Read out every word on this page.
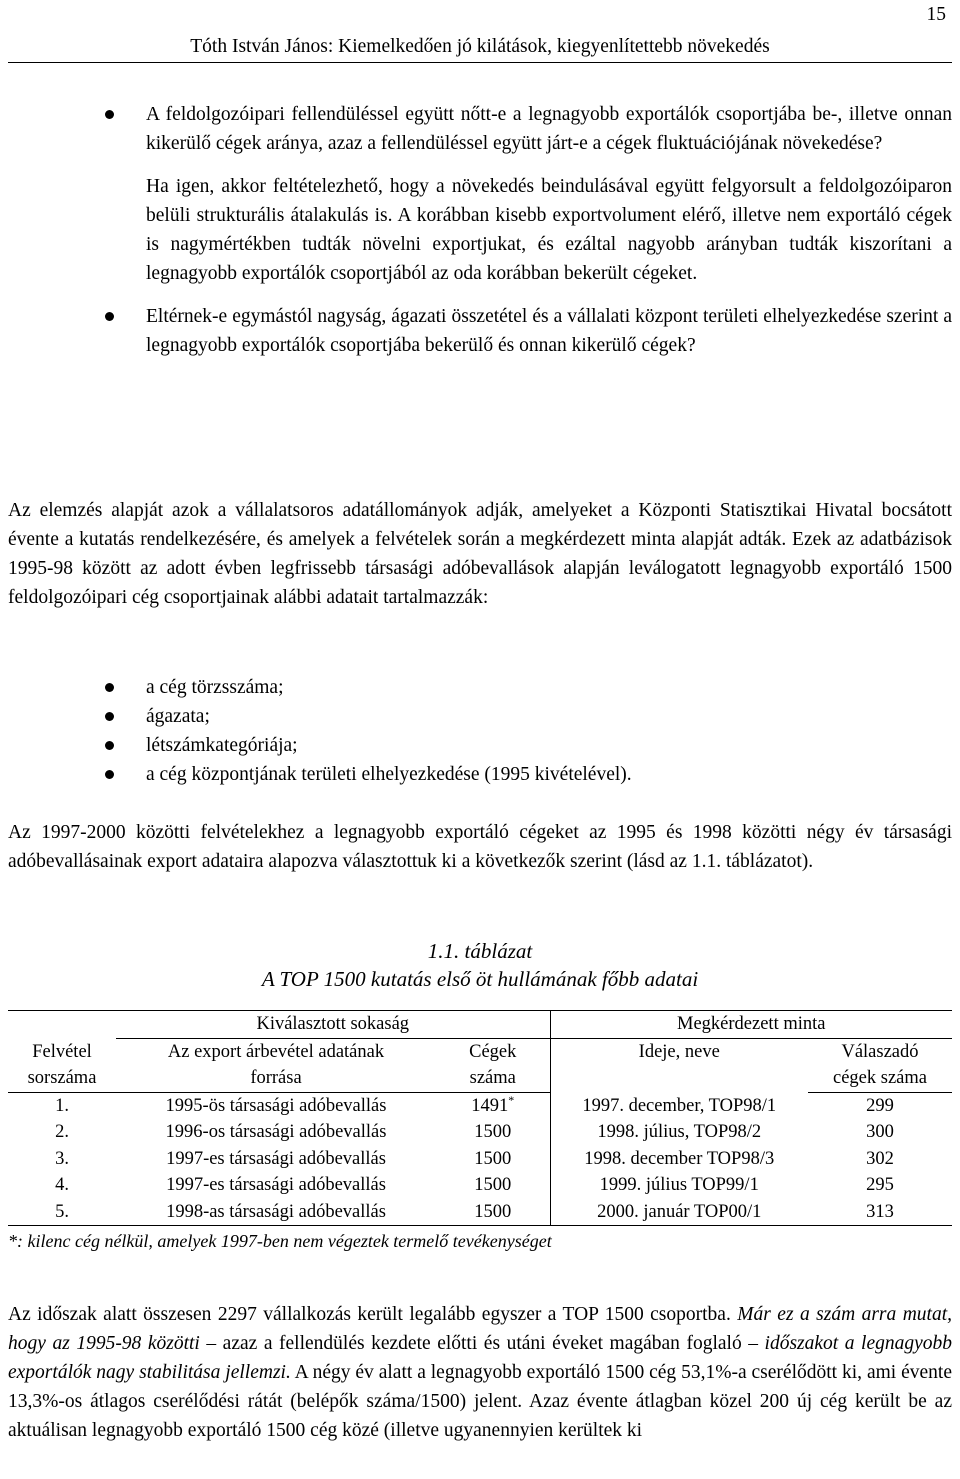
15
Tóth István János: Kiemelkedően jó kilátások, kiegyenlítettebb növekedés
A feldolgozóipari fellendüléssel együtt nőtt-e a legnagyobb exportálók csoportjába be-, illetve onnan kikerülő cégek aránya, azaz a fellendüléssel együtt járt-e a cégek fluktuációjának növekedése?
Ha igen, akkor feltételezhető, hogy a növekedés beindulásával együtt felgyorsult a feldolgozóiparon belüli strukturális átalakulás is. A korábban kisebb exportvolument elérő, illetve nem exportáló cégek is nagymértékben tudták növelni exportjukat, és ezáltal nagyobb arányban tudták kiszorítani a legnagyobb exportálók csoportjából az oda korábban bekerült cégeket.
Eltérnek-e egymástól nagyság, ágazati összetétel és a vállalati központ területi elhelyezkedése szerint a legnagyobb exportálók csoportjába bekerülő és onnan kikerülő cégek?
Az elemzés alapját azok a vállalatsoros adatállományok adják, amelyeket a Központi Statisztikai Hivatal bocsátott évente a kutatás rendelkezésére, és amelyek a felvételek során a megkérdezett minta alapját adták. Ezek az adatbázisok 1995-98 között az adott évben legfrissebb társasági adóbevallások alapján leválogatott legnagyobb exportáló 1500 feldolgozóipari cég csoportjainak alábbi adatait tartalmazzák:
a cég törzsszáma;
ágazata;
létszámkategóriája;
a cég központjának területi elhelyezkedése (1995 kivételével).
Az 1997-2000 közötti felvételekhez a legnagyobb exportáló cégeket az 1995 és 1998 közötti négy év társasági adóbevallásainak export adataira alapozva választottuk ki a következők szerint (lásd az 1.1. táblázatot).
1.1. táblázat
A TOP 1500 kutatás első öt hullámának főbb adatai
	Kiválasztott sokaság		Megkérdezett minta	
Felvétel	Az export árbevétel adatának	Cégek	Ideje, neve	Válaszadó
sorszáma	forrása	száma		cégek száma
1.	1995-ös társasági adóbevallás	1491*	1997. december, TOP98/1	299
2.	1996-os társasági adóbevallás	1500	1998. július, TOP98/2	300
3.	1997-es társasági adóbevallás	1500	1998. december TOP98/3	302
4.	1997-es társasági adóbevallás	1500	1999. július TOP99/1	295
5.	1998-as társasági adóbevallás	1500	2000. január TOP00/1	313
*: kilenc cég nélkül, amelyek 1997-ben nem végeztek termelő tevékenységet
Az időszak alatt összesen 2297 vállalkozás került legalább egyszer a TOP 1500 csoportba. Már ez a szám arra mutat, hogy az 1995-98 közötti – azaz a fellendülés kezdete előtti és utáni éveket magában foglaló – időszakot a legnagyobb exportálók nagy stabilitása jellemzi. A négy év alatt a legnagyobb exportáló 1500 cég 53,1%-a cserélődött ki, ami évente 13,3%-os átlagos cserélődési rátát (belépők száma/1500) jelent. Azaz évente átlagban közel 200 új cég került be az aktuálisan legnagyobb exportáló 1500 cég közé (illetve ugyanennyien kerültek ki
